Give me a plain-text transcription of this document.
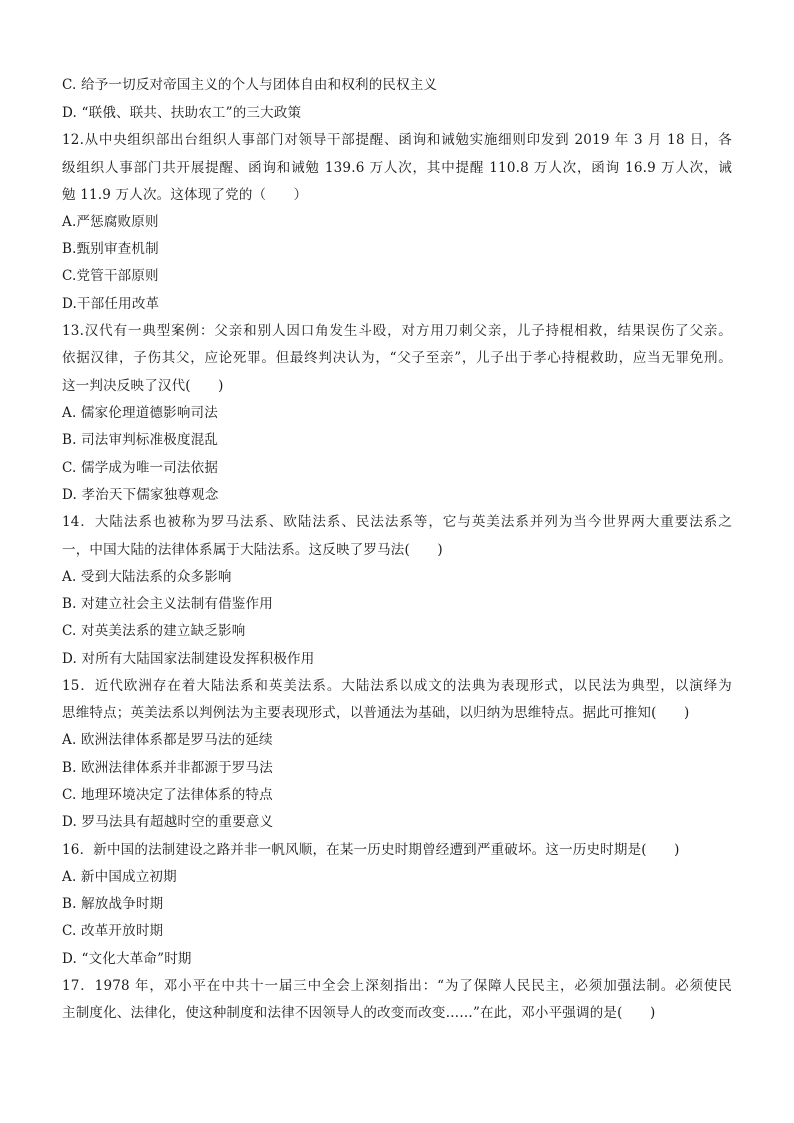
C. 给予一切反对帝国主义的个人与团体自由和权利的民权主义
D. “联俄、联共、扶助农工”的三大政策
12.从中央组织部出台组织人事部门对领导干部提醒、函询和诫勉实施细则印发到 2019 年 3 月 18 日，各
级组织人事部门共开展提醒、函询和诫勉 139.6 万人次，其中提醒 110.8 万人次，函询 16.9 万人次，诫
勉 11.9 万人次。这体现了党的（　　）
A.严惩腐败原则
B.甄别审查机制
C.党管干部原则
D.干部任用改革
13.汉代有一典型案例：父亲和别人因口角发生斗殴，对方用刀刺父亲，儿子持棍相救，结果误伤了父亲。
依据汉律，子伤其父，应论死罪。但最终判决认为，“父子至亲”，儿子出于孝心持棍救助，应当无罪免刑。
这一判决反映了汉代(　　)
A. 儒家伦理道德影响司法
B. 司法审判标准极度混乱
C. 儒学成为唯一司法依据
D. 孝治天下儒家独尊观念
14．大陆法系也被称为罗马法系、欧陆法系、民法法系等，它与英美法系并列为当今世界两大重要法系之
一，中国大陆的法律体系属于大陆法系。这反映了罗马法(　　)
A. 受到大陆法系的众多影响
B. 对建立社会主义法制有借鉴作用
C. 对英美法系的建立缺乏影响
D. 对所有大陆国家法制建设发挥积极作用
15．近代欧洲存在着大陆法系和英美法系。大陆法系以成文的法典为表现形式，以民法为典型，以演绎为
思维特点；英美法系以判例法为主要表现形式，以普通法为基础，以归纳为思维特点。据此可推知(　　)
A. 欧洲法律体系都是罗马法的延续
B. 欧洲法律体系并非都源于罗马法
C. 地理环境决定了法律体系的特点
D. 罗马法具有超越时空的重要意义
16．新中国的法制建设之路并非一帆风顺，在某一历史时期曾经遭到严重破坏。这一历史时期是(　　)
A. 新中国成立初期
B. 解放战争时期
C. 改革开放时期
D. “文化大革命”时期
17．1978 年，邓小平在中共十一届三中全会上深刻指出：“为了保障人民民主，必须加强法制。必须使民
主制度化、法律化，使这种制度和法律不因领导人的改变而改变……”在此，邓小平强调的是(　　)
